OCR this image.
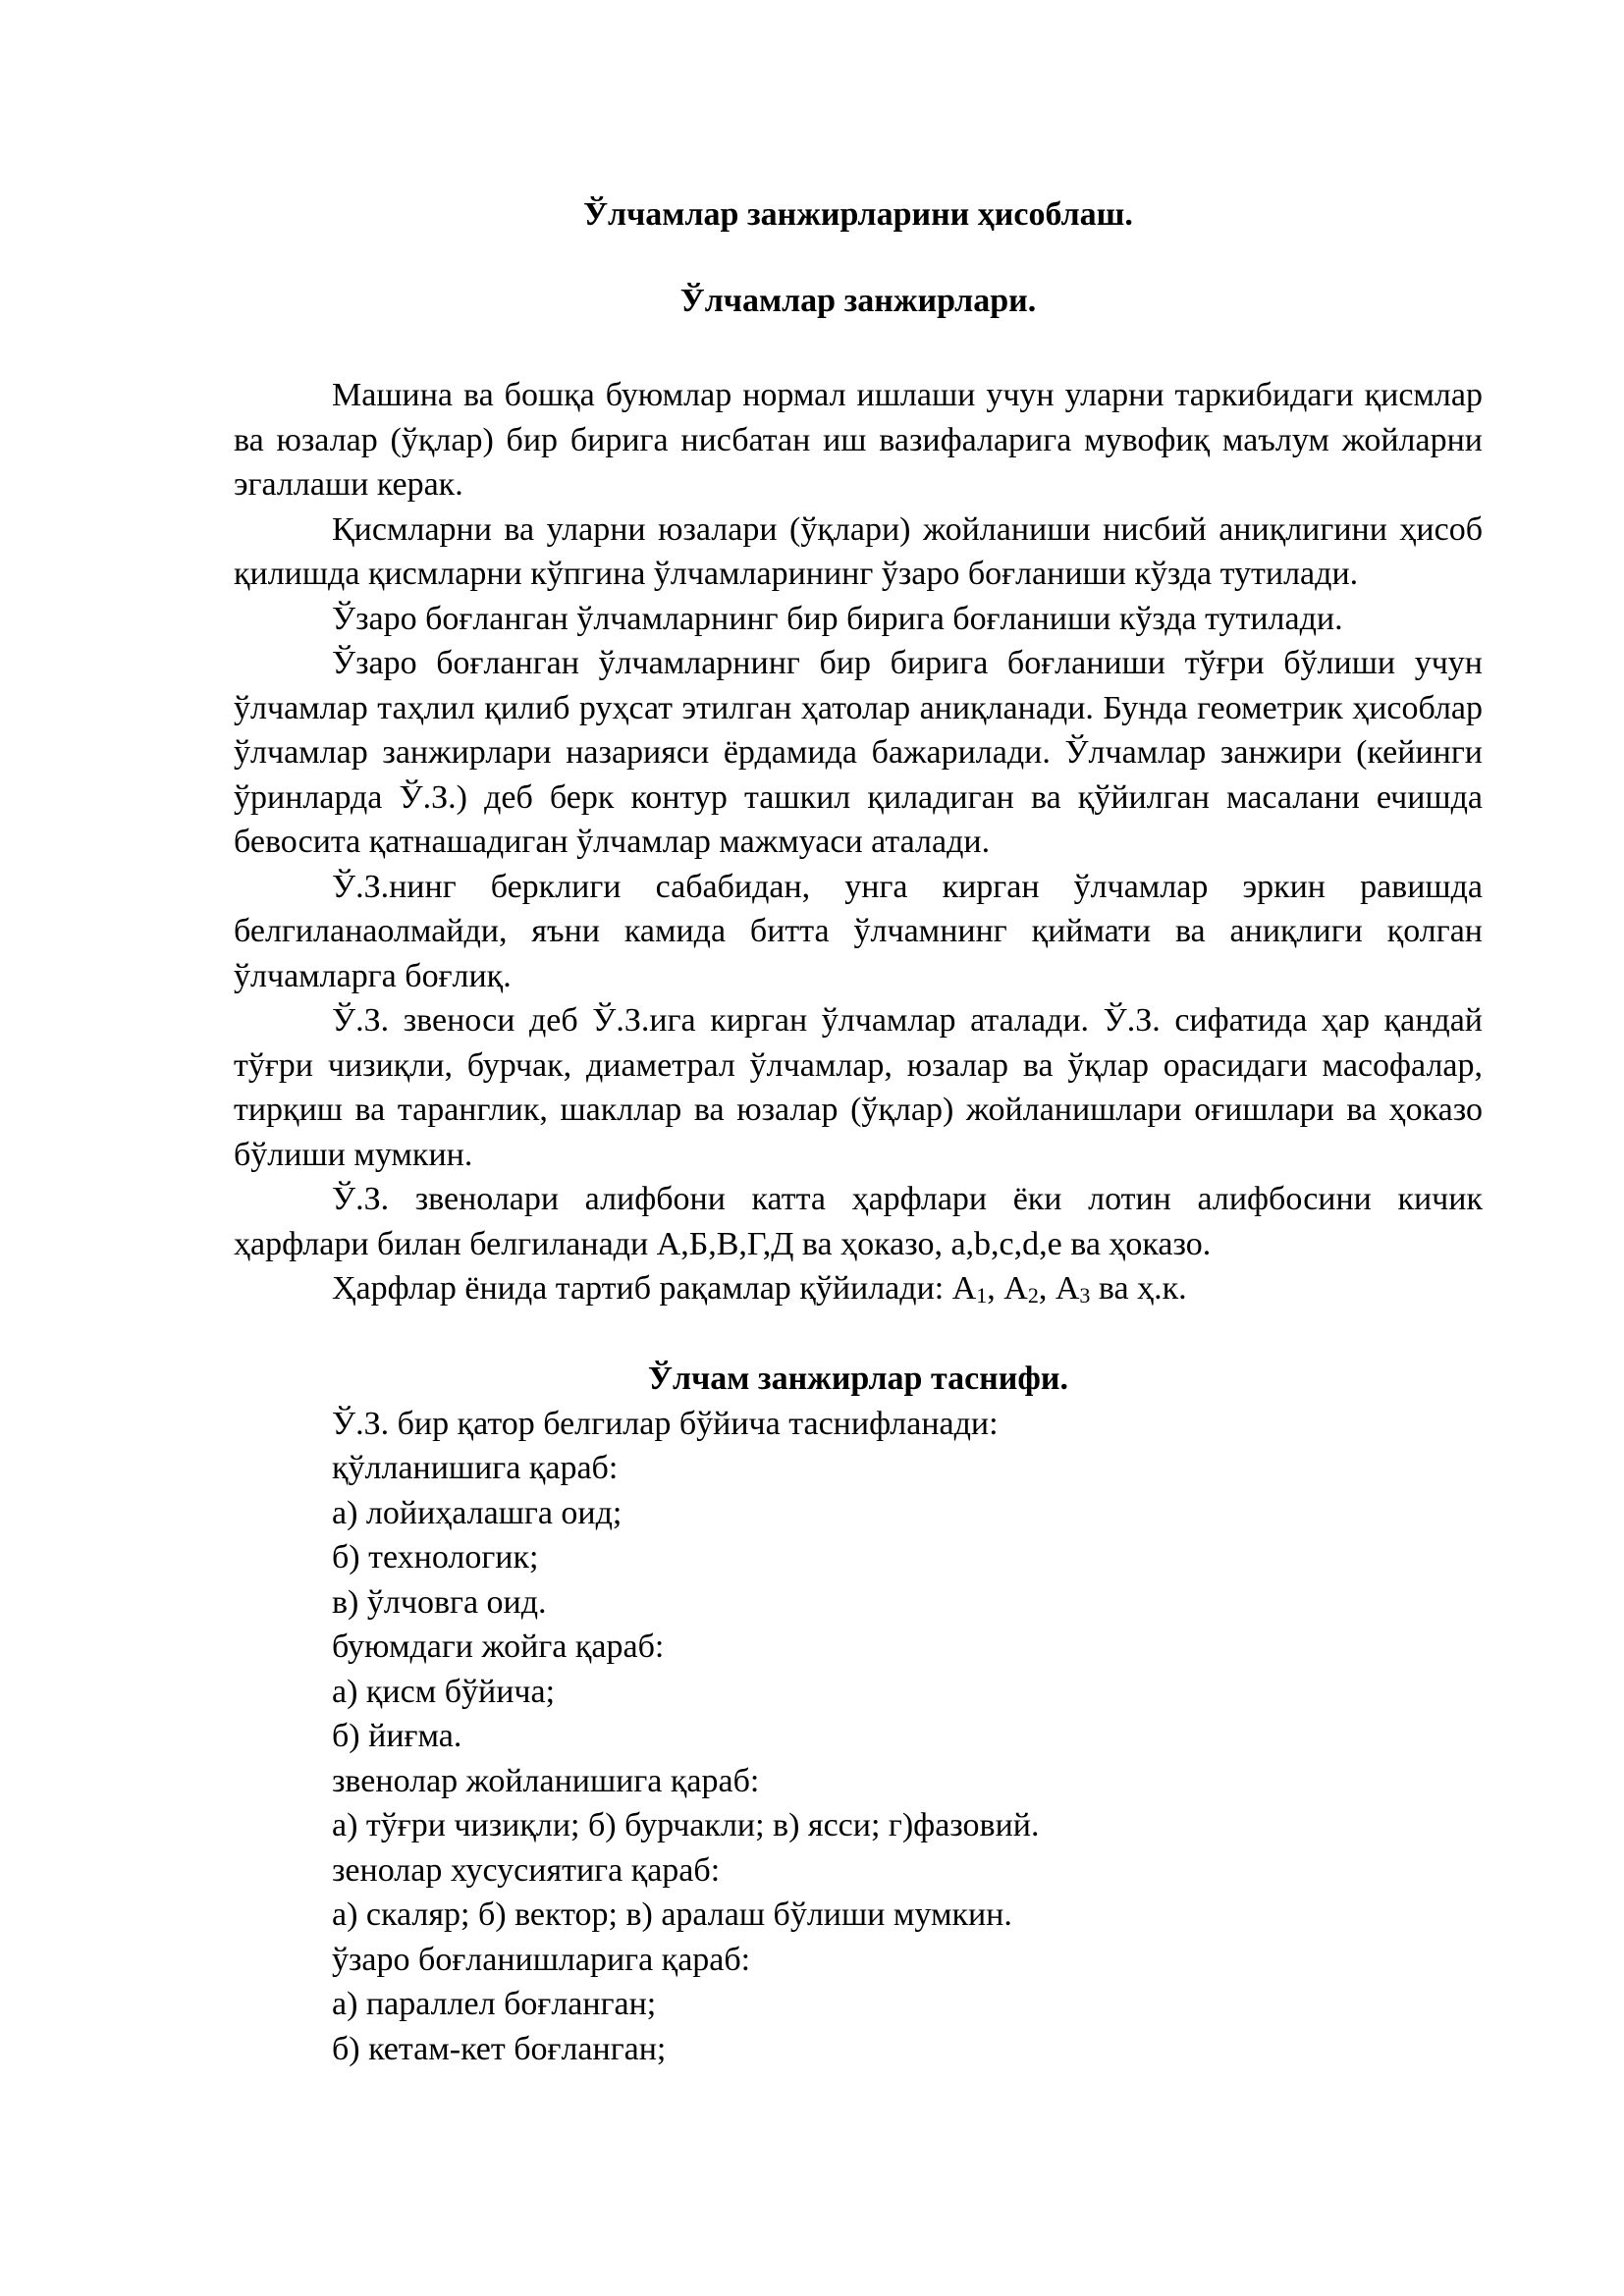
Ўлчамлар занжирларини ҳисоблаш.
Ўлчамлар занжирлари.

Машина ва бошқа буюмлар нормал ишлаши учун уларни таркибидаги қисмлар ва юзалар (ўқлар) бир бирига нисбатан иш вазифаларига мувофиқ маълум жойларни эгаллаши керак.

Қисмларни ва уларни юзалари (ўқлари) жойланиши нисбий аниқлигини ҳисоб қилишда қисмларни кўпгина ўлчамларининг ўзаро боғланиши кўзда тутилади.

Ўзаро боғланган ўлчамларнинг бир бирига боғланиши кўзда тутилади.

Ўзаро боғланган ўлчамларнинг бир бирига боғланиши тўғри бўлиши учун ўлчамлар таҳлил қилиб руҳсат этилган ҳатолар аниқланади. Бунда геометрик ҳисоблар ўлчамлар занжирлари назарияси ёрдамида бажарилади. Ўлчамлар занжири (кейинги ўринларда Ў.З.) деб берк контур ташкил қиладиган ва қўйилган масалани ечишда бевосита қатнашадиган ўлчамлар мажмуаси аталади.

Ў.З.нинг берклиги сабабидан, унга кирган ўлчамлар эркин равишда белгиланаолмайди, яъни камида битта ўлчамнинг қиймати ва аниқлиги қолган ўлчамларга боғлиқ.

Ў.З. звеноси деб Ў.З.ига кирган ўлчамлар аталади. Ў.З. сифатида ҳар қандай тўғри чизиқли, бурчак, диаметрал ўлчамлар, юзалар ва ўқлар орасидаги масофалар, тирқиш ва таранглик, шакллар ва юзалар (ўқлар) жойланишлари оғишлари ва ҳоказо бўлиши мумкин.

Ў.З. звенолари алифбони катта ҳарфлари ёки лотин алифбосини кичик ҳарфлари билан белгиланади А,Б,В,Г,Д ва ҳоказо, a,b,c,d,e ва ҳоказо.

Ҳарфлар ёнида тартиб рақамлар қўйилади: $А_1$, $А_2$, $А_3$ ва ҳ.к.

Ўлчам занжирлар таснифи.
Ў.З. бир қатор белгилар бўйича таснифланади:
қўлланишига қараб:
а) лойиҳалашга оид;
б) технологик;
в) ўлчовга оид.
буюмдаги жойга қараб:
а) қисм бўйича;
б) йиғма.
звенолар жойланишига қараб:
а) тўғри чизиқли; б) бурчакли; в) ясси; г)фазовий.
зенолар хусусиятига қараб:
а) скаляр; б) вектор; в) аралаш бўлиши мумкин.
ўзаро боғланишларига қараб:
а) параллел боғланган;
б) кетам-кет боғланган;
